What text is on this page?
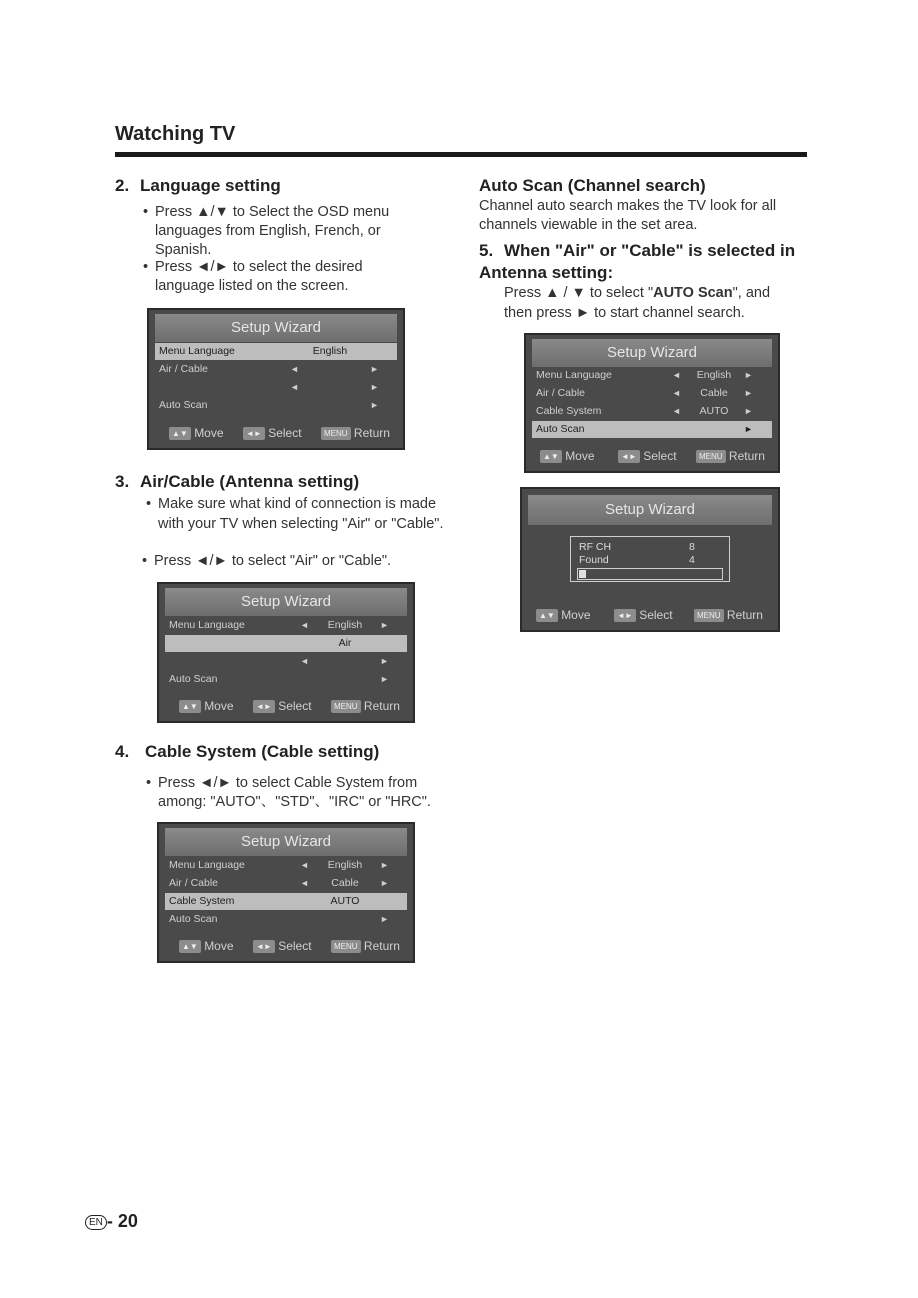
Watching TV
2. Language setting
• Press ▲/▼ to Select the OSD menu languages from English, French, or Spanish.
• Press ◄/► to select the desired language listed on the screen.
Setup Wizard
Menu Language	English
Air / Cable	◄	►
◄	►
Auto Scan	►
▲▼ Move	◄► Select	MENU Return
3. Air/Cable (Antenna setting)
• Make sure what kind of connection is made with your TV when selecting "Air" or "Cable".
• Press ◄/► to select "Air" or "Cable".
Setup Wizard
Menu Language	◄	English	►
Air
◄	►
Auto Scan	►
▲▼ Move	◄► Select	MENU Return
4. Cable System (Cable setting)
• Press ◄/► to select Cable System from among: "AUTO"、"STD"、"IRC" or "HRC".
Setup Wizard
Menu Language	◄	English	►
Air / Cable	◄	Cable	►
Cable System	AUTO
Auto Scan	►
▲▼ Move	◄► Select	MENU Return
Auto Scan (Channel search)
Channel auto search makes the TV look for all channels viewable in the set area.
5. When "Air" or "Cable" is selected in Antenna setting:
Press ▲ / ▼ to select "AUTO Scan", and then press ► to start channel search.
Setup Wizard
Menu Language	◄	English	►
Air / Cable	◄	Cable	►
Cable System	◄	AUTO	►
Auto Scan	►
▲▼ Move	◄► Select	MENU Return
Setup Wizard
RF CH	8
Found	4
▲▼ Move	◄► Select	MENU Return
EN - 20
